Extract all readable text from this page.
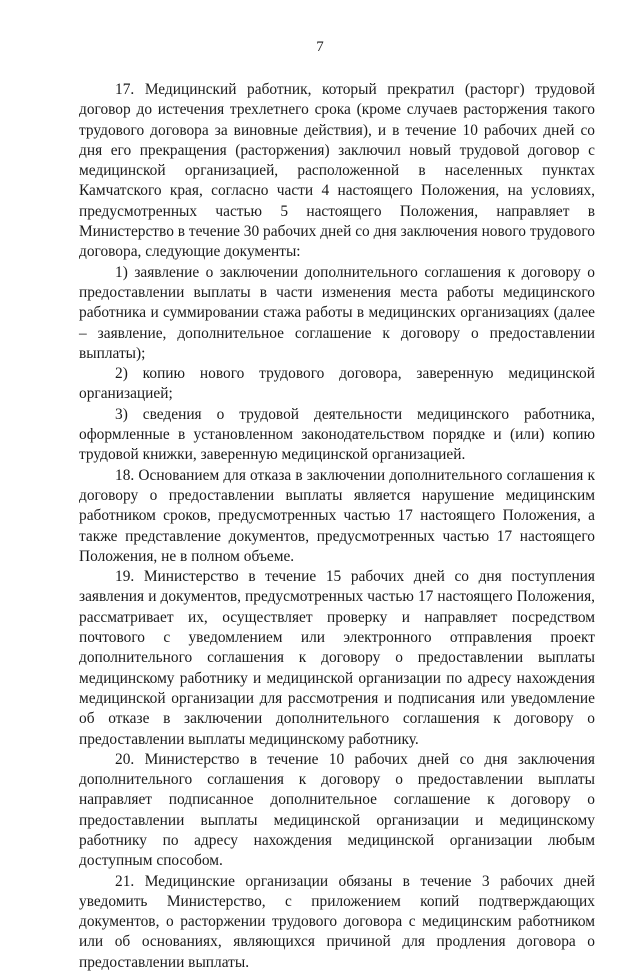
7

17. Медицинский работник, который прекратил (расторг) трудовой договор до истечения трехлетнего срока (кроме случаев расторжения такого трудового договора за виновные действия), и в течение 10 рабочих дней со дня его прекращения (расторжения) заключил новый трудовой договор с медицинской организацией, расположенной в населенных пунктах Камчатского края, согласно части 4 настоящего Положения, на условиях, предусмотренных частью 5 настоящего Положения, направляет в Министерство в течение 30 рабочих дней со дня заключения нового трудового договора, следующие документы:

1) заявление о заключении дополнительного соглашения к договору о предоставлении выплаты в части изменения места работы медицинского работника и суммировании стажа работы в медицинских организациях (далее – заявление, дополнительное соглашение к договору о предоставлении выплаты);

2) копию нового трудового договора, заверенную медицинской организацией;

3) сведения о трудовой деятельности медицинского работника, оформленные в установленном законодательством порядке и (или) копию трудовой книжки, заверенную медицинской организацией.

18. Основанием для отказа в заключении дополнительного соглашения к договору о предоставлении выплаты является нарушение медицинским работником сроков, предусмотренных частью 17 настоящего Положения, а также представление документов, предусмотренных частью 17 настоящего Положения, не в полном объеме.

19. Министерство в течение 15 рабочих дней со дня поступления заявления и документов, предусмотренных частью 17 настоящего Положения, рассматривает их, осуществляет проверку и направляет посредством почтового с уведомлением или электронного отправления проект дополнительного соглашения к договору о предоставлении выплаты медицинскому работнику и медицинской организации по адресу нахождения медицинской организации для рассмотрения и подписания или уведомление об отказе в заключении дополнительного соглашения к договору о предоставлении выплаты медицинскому работнику.

20. Министерство в течение 10 рабочих дней со дня заключения дополнительного соглашения к договору о предоставлении выплаты направляет подписанное дополнительное соглашение к договору о предоставлении выплаты медицинской организации и медицинскому работнику по адресу нахождения медицинской организации любым доступным способом.

21. Медицинские организации обязаны в течение 3 рабочих дней уведомить Министерство, с приложением копий подтверждающих документов, о расторжении трудового договора с медицинским работником или об основаниях, являющихся причиной для продления договора о предоставлении выплаты.
